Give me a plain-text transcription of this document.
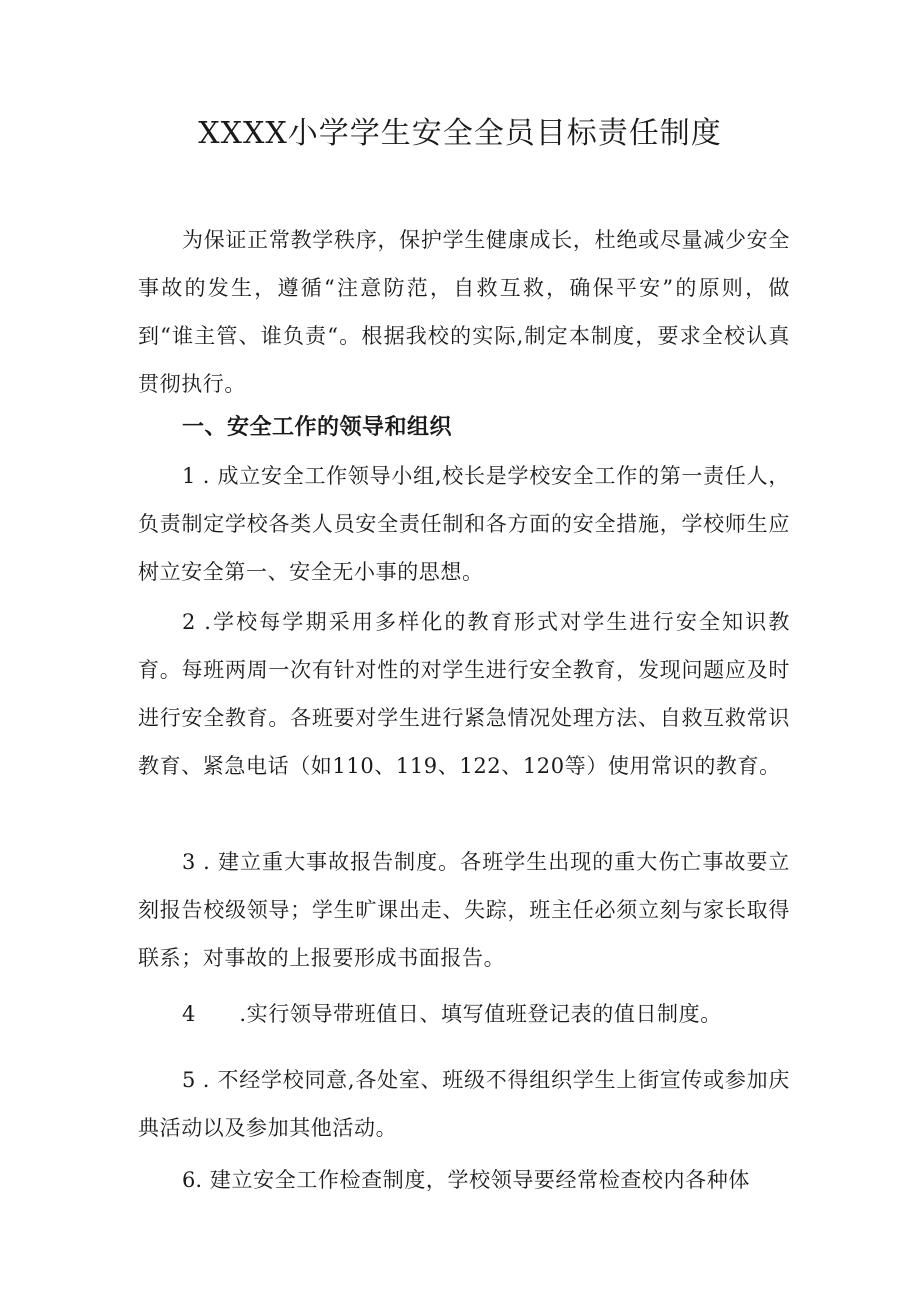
XXXX小学学生安全全员目标责任制度

为保证正常教学秩序，保护学生健康成长，杜绝或尽量减少安全事故的发生，遵循“注意防范，自救互救，确保平安”的原则，做到“谁主管、谁负责“。根据我校的实际,制定本制度，要求全校认真贯彻执行。

一、安全工作的领导和组织

1 . 成立安全工作领导小组,校长是学校安全工作的第一责任人，负责制定学校各类人员安全责任制和各方面的安全措施，学校师生应树立安全第一、安全无小事的思想。

2 .学校每学期采用多样化的教育形式对学生进行安全知识教育。每班两周一次有针对性的对学生进行安全教育，发现问题应及时进行安全教育。各班要对学生进行紧急情况处理方法、自救互救常识教育、紧急电话（如110、119、122、120等）使用常识的教育。

3 . 建立重大事故报告制度。各班学生出现的重大伤亡事故要立刻报告校级领导；学生旷课出走、失踪，班主任必须立刻与家长取得联系；对事故的上报要形成书面报告。

4 .实行领导带班值日、填写值班登记表的值日制度。

5 . 不经学校同意,各处室、班级不得组织学生上街宣传或参加庆典活动以及参加其他活动。

6. 建立安全工作检查制度，学校领导要经常检查校内各种体
